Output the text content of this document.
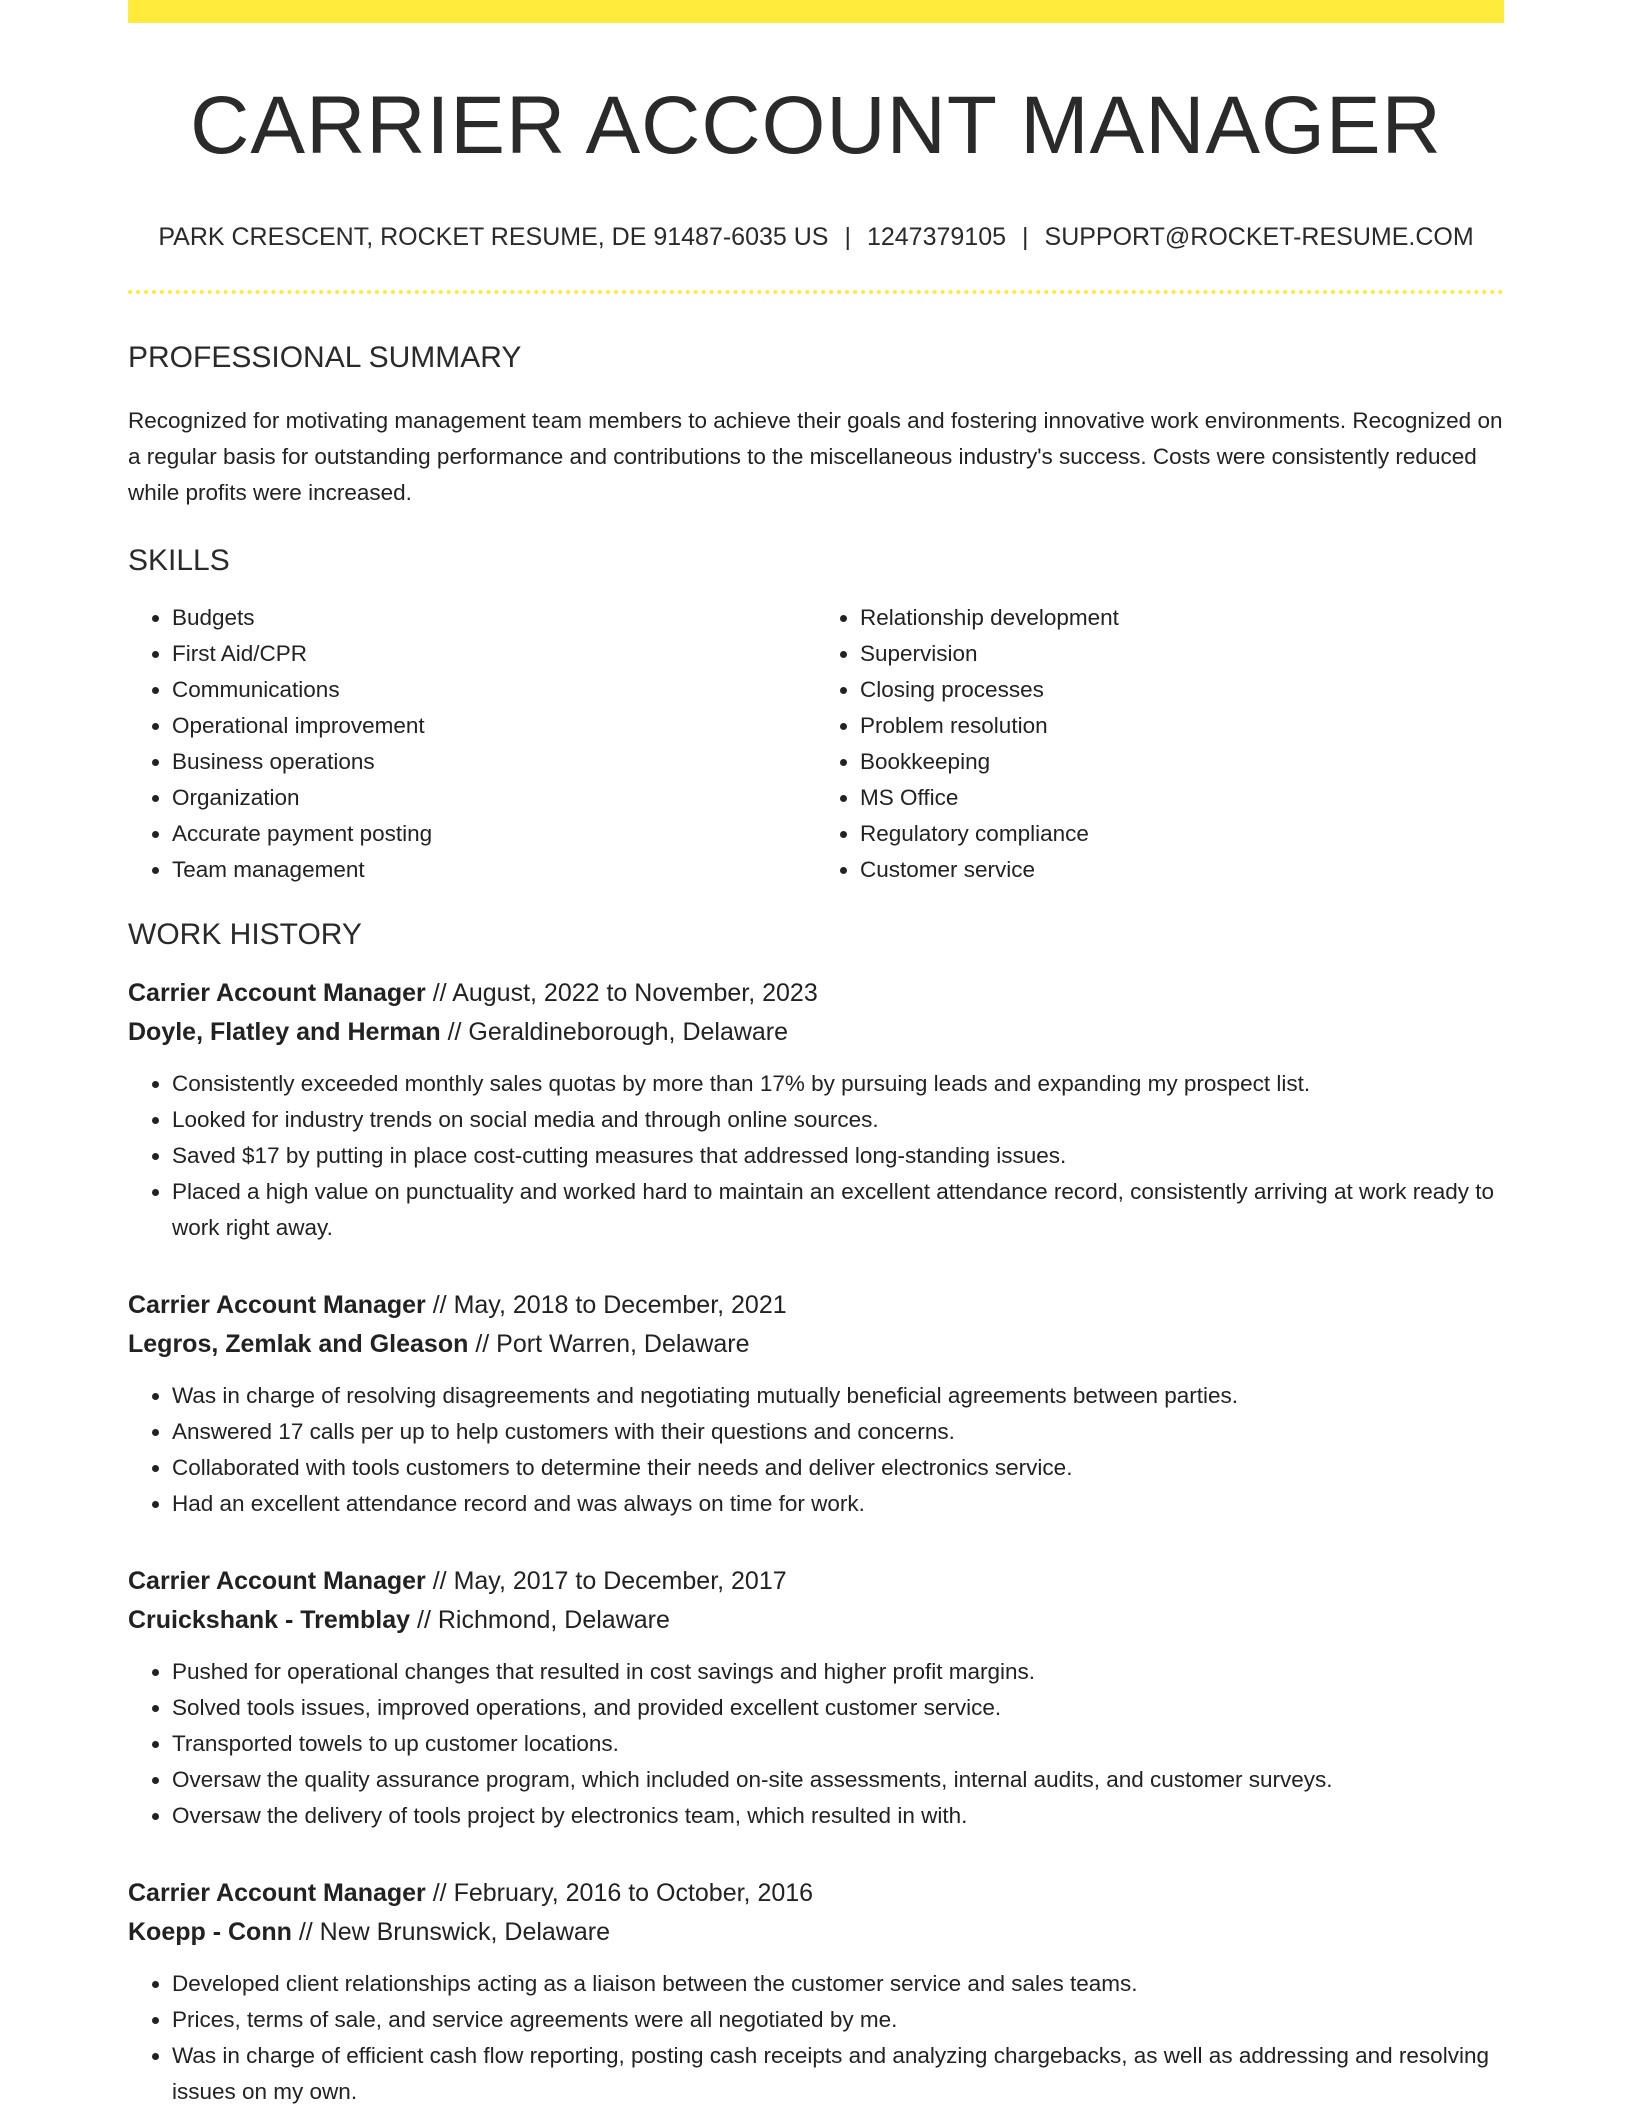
CARRIER ACCOUNT MANAGER
PARK CRESCENT, ROCKET RESUME, DE 91487-6035 US | 1247379105 | SUPPORT@ROCKET-RESUME.COM
PROFESSIONAL SUMMARY
Recognized for motivating management team members to achieve their goals and fostering innovative work environments. Recognized on a regular basis for outstanding performance and contributions to the miscellaneous industry's success. Costs were consistently reduced while profits were increased.
SKILLS
• Budgets
• First Aid/CPR
• Communications
• Operational improvement
• Business operations
• Organization
• Accurate payment posting
• Team management
• Relationship development
• Supervision
• Closing processes
• Problem resolution
• Bookkeeping
• MS Office
• Regulatory compliance
• Customer service
WORK HISTORY
Carrier Account Manager // August, 2022 to November, 2023
Doyle, Flatley and Herman // Geraldineborough, Delaware
• Consistently exceeded monthly sales quotas by more than 17% by pursuing leads and expanding my prospect list.
• Looked for industry trends on social media and through online sources.
• Saved $17 by putting in place cost-cutting measures that addressed long-standing issues.
• Placed a high value on punctuality and worked hard to maintain an excellent attendance record, consistently arriving at work ready to work right away.
Carrier Account Manager // May, 2018 to December, 2021
Legros, Zemlak and Gleason // Port Warren, Delaware
• Was in charge of resolving disagreements and negotiating mutually beneficial agreements between parties.
• Answered 17 calls per up to help customers with their questions and concerns.
• Collaborated with tools customers to determine their needs and deliver electronics service.
• Had an excellent attendance record and was always on time for work.
Carrier Account Manager // May, 2017 to December, 2017
Cruickshank - Tremblay // Richmond, Delaware
• Pushed for operational changes that resulted in cost savings and higher profit margins.
• Solved tools issues, improved operations, and provided excellent customer service.
• Transported towels to up customer locations.
• Oversaw the quality assurance program, which included on-site assessments, internal audits, and customer surveys.
• Oversaw the delivery of tools project by electronics team, which resulted in with.
Carrier Account Manager // February, 2016 to October, 2016
Koepp - Conn // New Brunswick, Delaware
• Developed client relationships acting as a liaison between the customer service and sales teams.
• Prices, terms of sale, and service agreements were all negotiated by me.
• Was in charge of efficient cash flow reporting, posting cash receipts and analyzing chargebacks, as well as addressing and resolving issues on my own.
